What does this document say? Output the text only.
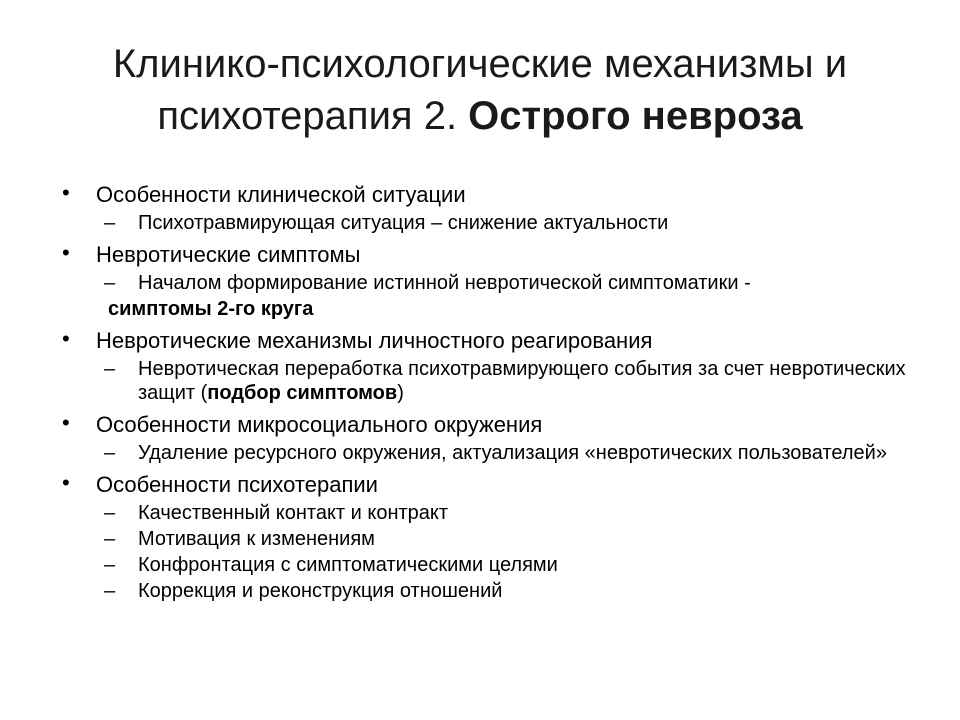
Клинико-психологические механизмы и психотерапия 2. Острого невроза
• Особенности клинической ситуации
– Психотравмирующая ситуация – снижение актуальности
• Невротические симптомы
– Началом формирование истинной невротической симптоматики -
симптомы 2-го круга
• Невротические механизмы личностного реагирования
– Невротическая переработка психотравмирующего события за счет невротических защит (подбор симптомов)
• Особенности микросоциального окружения
– Удаление ресурсного окружения, актуализация «невротических пользователей»
• Особенности психотерапии
– Качественный контакт и контракт
– Мотивация к изменениям
– Конфронтация с симптоматическими целями
– Коррекция и реконструкция отношений
